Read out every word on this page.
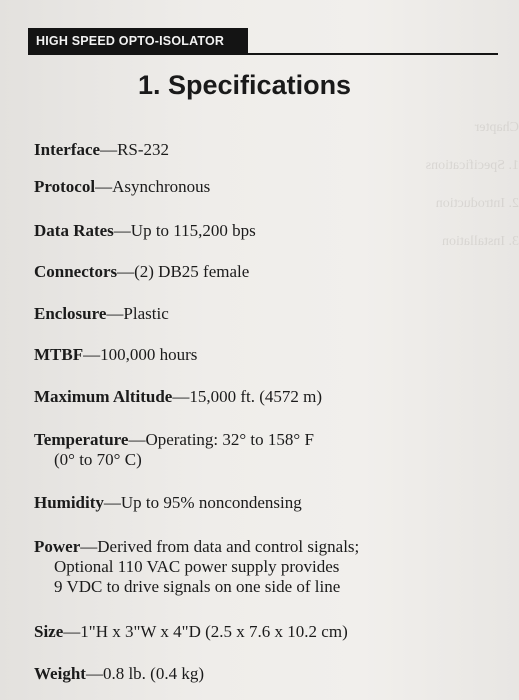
Chapter
1. Specifications
2. Introduction
3. Installation
HIGH SPEED OPTO-ISOLATOR
1. Specifications
Interface—RS-232
Protocol—Asynchronous
Data Rates—Up to 115,200 bps
Connectors—(2) DB25 female
Enclosure—Plastic
MTBF—100,000 hours
Maximum Altitude—15,000 ft. (4572 m)
Temperature—Operating: 32° to 158° F
(0° to 70° C)
Humidity—Up to 95% noncondensing
Power—Derived from data and control signals;
Optional 110 VAC power supply provides
9 VDC to drive signals on one side of line
Size—1"H x 3"W x 4"D (2.5 x 7.6 x 10.2 cm)
Weight—0.8 lb. (0.4 kg)
